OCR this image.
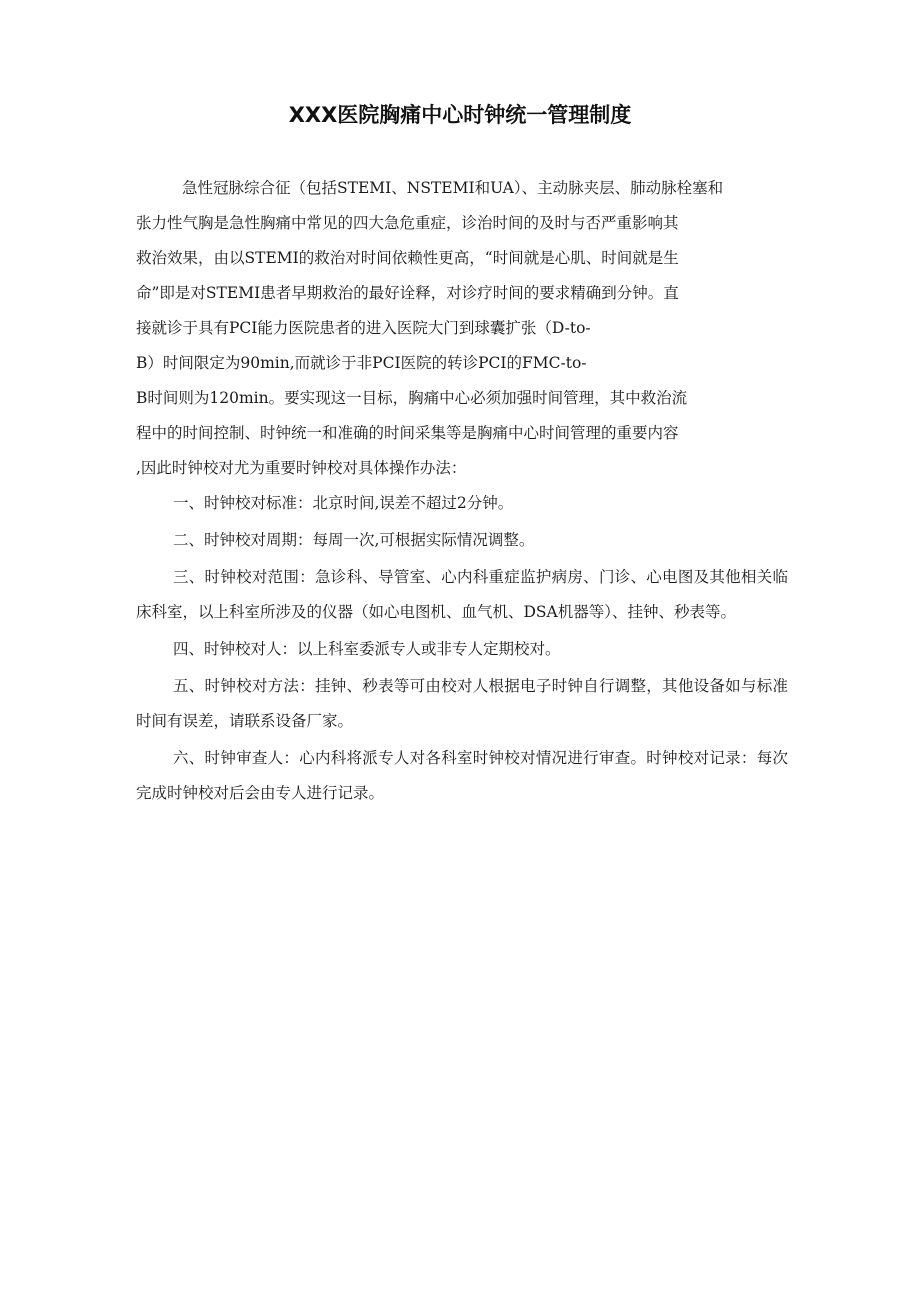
XXX医院胸痛中心时钟统一管理制度
急性冠脉综合征（包括STEMI、NSTEMI和UA）、主动脉夹层、肺动脉栓塞和
张力性气胸是急性胸痛中常见的四大急危重症，诊治时间的及时与否严重影响其
救治效果，由以STEMI的救治对时间依赖性更高，“时间就是心肌、时间就是生
命”即是对STEMI患者早期救治的最好诠释，对诊疗时间的要求精确到分钟。直
接就诊于具有PCI能力医院患者的进入医院大门到球囊扩张（D-to-
B）时间限定为90min,而就诊于非PCI医院的转诊PCI的FMC-to-
B时间则为120min。要实现这一目标，胸痛中心必须加强时间管理，其中救治流
程中的时间控制、时钟统一和准确的时间采集等是胸痛中心时间管理的重要内容
,因此时钟校对尤为重要时钟校对具体操作办法：
一、时钟校对标准：北京时间,误差不超过2分钟。
二、时钟校对周期：每周一次,可根据实际情况调整。
三、时钟校对范围：急诊科、导管室、心内科重症监护病房、门诊、心电图及其他相关临床科室，以上科室所涉及的仪器（如心电图机、血气机、DSA机器等）、挂钟、秒表等。
四、时钟校对人：以上科室委派专人或非专人定期校对。
五、时钟校对方法：挂钟、秒表等可由校对人根据电子时钟自行调整，其他设备如与标准时间有误差，请联系设备厂家。
六、时钟审查人：心内科将派专人对各科室时钟校对情况进行审查。时钟校对记录：每次完成时钟校对后会由专人进行记录。
